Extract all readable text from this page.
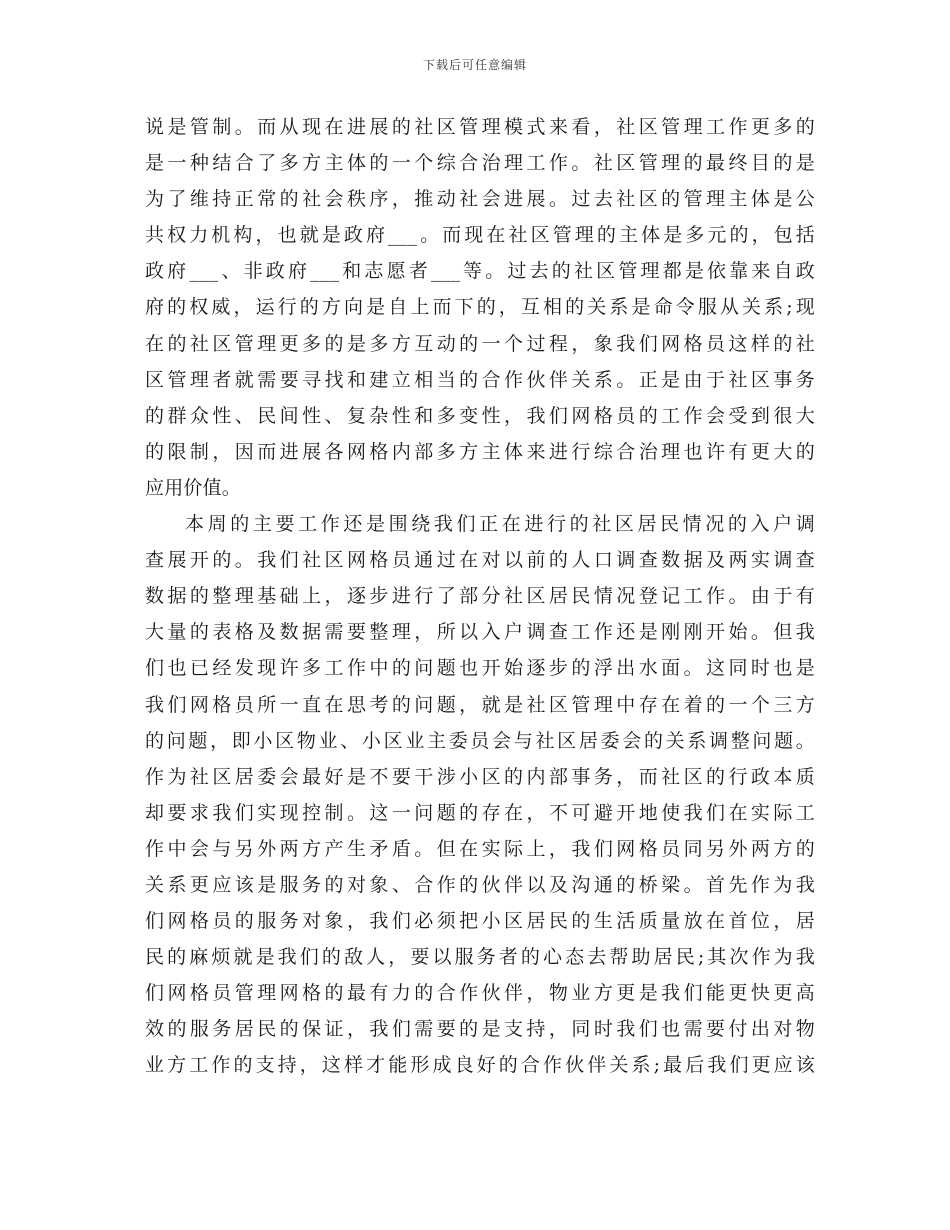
下载后可任意编辑
说是管制。而从现在进展的社区管理模式来看，社区管理工作更多的
是一种结合了多方主体的一个综合治理工作。社区管理的最终目的是
为了维持正常的社会秩序，推动社会进展。过去社区的管理主体是公
共权力机构，也就是政府___。而现在社区管理的主体是多元的，包括
政府___、非政府___和志愿者___等。过去的社区管理都是依靠来自政
府的权威，运行的方向是自上而下的，互相的关系是命令服从关系;现
在的社区管理更多的是多方互动的一个过程，象我们网格员这样的社
区管理者就需要寻找和建立相当的合作伙伴关系。正是由于社区事务
的群众性、民间性、复杂性和多变性，我们网格员的工作会受到很大
的限制，因而进展各网格内部多方主体来进行综合治理也许有更大的
应用价值。
本周的主要工作还是围绕我们正在进行的社区居民情况的入户调
查展开的。我们社区网格员通过在对以前的人口调查数据及两实调查
数据的整理基础上，逐步进行了部分社区居民情况登记工作。由于有
大量的表格及数据需要整理，所以入户调查工作还是刚刚开始。但我
们也已经发现许多工作中的问题也开始逐步的浮出水面。这同时也是
我们网格员所一直在思考的问题，就是社区管理中存在着的一个三方
的问题，即小区物业、小区业主委员会与社区居委会的关系调整问题。
作为社区居委会最好是不要干涉小区的内部事务，而社区的行政本质
却要求我们实现控制。这一问题的存在，不可避开地使我们在实际工
作中会与另外两方产生矛盾。但在实际上，我们网格员同另外两方的
关系更应该是服务的对象、合作的伙伴以及沟通的桥梁。首先作为我
们网格员的服务对象，我们必须把小区居民的生活质量放在首位，居
民的麻烦就是我们的敌人，要以服务者的心态去帮助居民;其次作为我
们网格员管理网格的最有力的合作伙伴，物业方更是我们能更快更高
效的服务居民的保证，我们需要的是支持，同时我们也需要付出对物
业方工作的支持，这样才能形成良好的合作伙伴关系;最后我们更应该
